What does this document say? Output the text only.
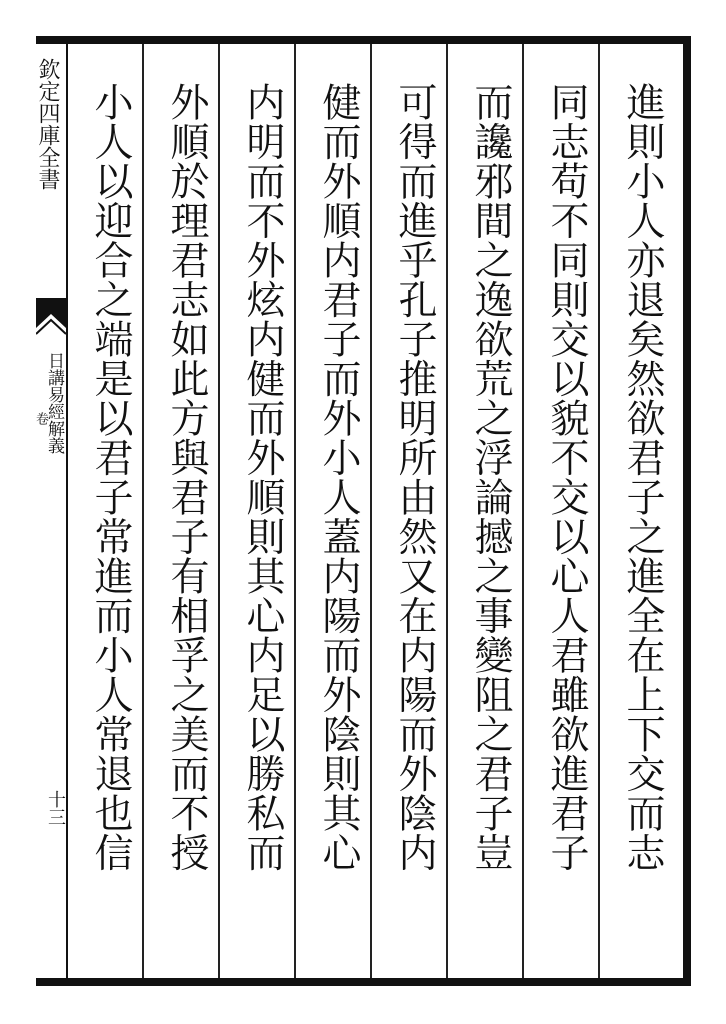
欽定四庫全書
日講易經解義
卷
十三	進則小人亦退矣然欲君子之進全在上下交而志
同志苟不同則交以貌不交以心人君雖欲進君子
而讒邪間之逸欲荒之浮論撼之事變阻之君子豈
可得而進乎孔子推明所由然又在内陽而外陰内
健而外順内君子而外小人蓋内陽而外陰則其心
内明而不外炫内健而外順則其心内足以勝私而
外順於理君志如此方與君子有相孚之美而不授
小人以迎合之端是以君子常進而小人常退也信
